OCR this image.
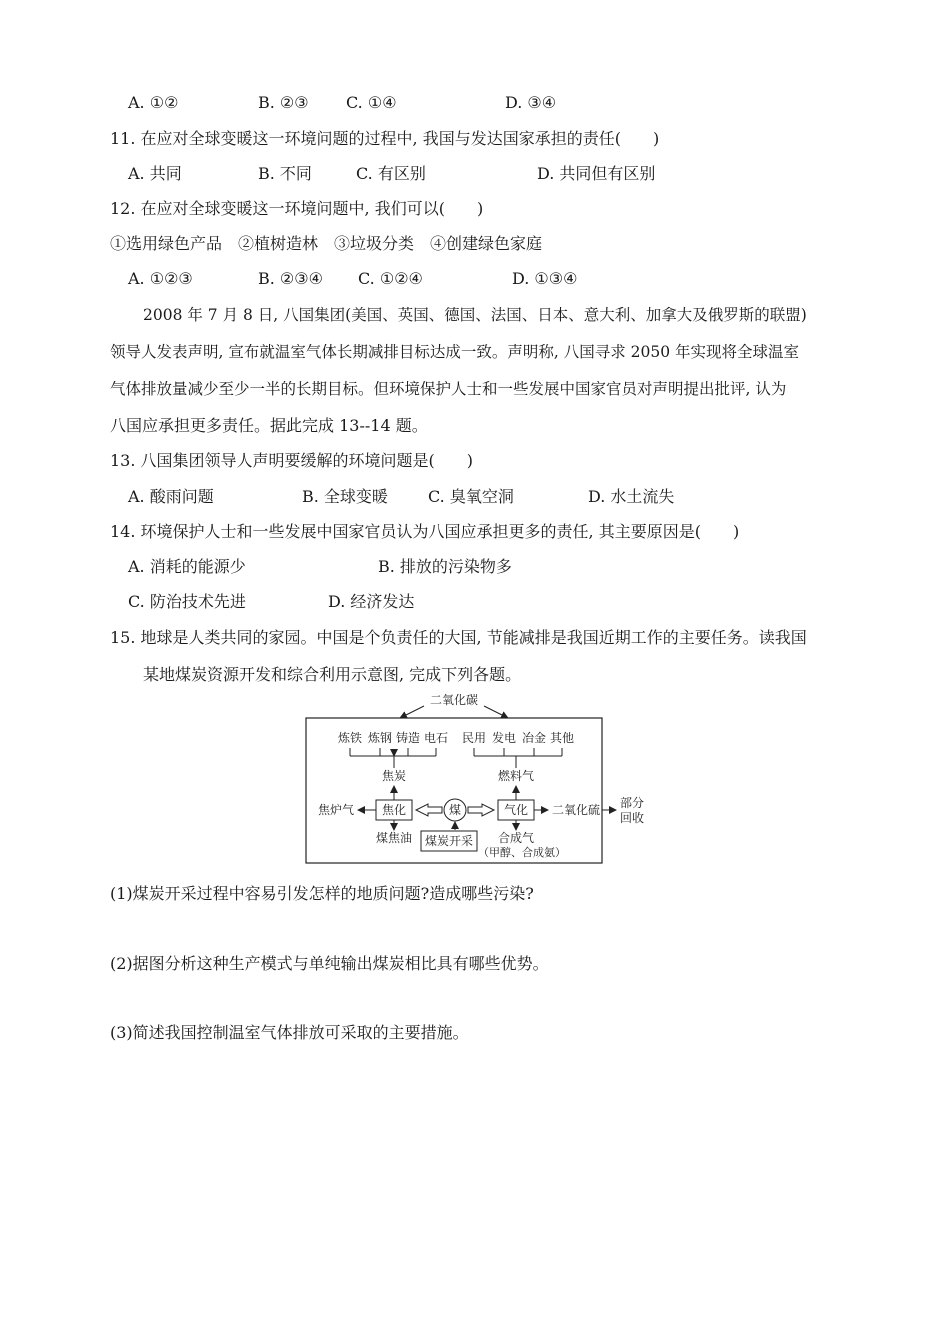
A. ①②	B. ②③ C. ①④	D. ③④
11. 在应对全球变暖这一环境问题的过程中, 我国与发达国家承担的责任(　　)
A. 共同	B. 不同	C. 有区别	D. 共同但有区别
12. 在应对全球变暖这一环境问题中, 我们可以(　　)
①选用绿色产品　②植树造林　③垃圾分类　④创建绿色家庭
A. ①②③	B. ②③④ C. ①②④	D. ①③④
2008 年 7 月 8 日, 八国集团(美国、英国、德国、法国、日本、意大利、加拿大及俄罗斯的联盟)
领导人发表声明, 宣布就温室气体长期减排目标达成一致。声明称, 八国寻求 2050 年实现将全球温室
气体排放量减少至少一半的长期目标。但环境保护人士和一些发展中国家官员对声明提出批评, 认为
八国应承担更多责任。据此完成 13--14 题。
13. 八国集团领导人声明要缓解的环境问题是(　　)
A. 酸雨问题	B. 全球变暖	C. 臭氧空洞	D. 水土流失
14. 环境保护人士和一些发展中国家官员认为八国应承担更多的责任, 其主要原因是(　　)
A. 消耗的能源少	B. 排放的污染物多
C. 防治技术先进	D. 经济发达
15. 地球是人类共同的家园。中国是个负责任的大国, 节能减排是我国近期工作的主要任务。读我国
某地煤炭资源开发和综合利用示意图, 完成下列各题。
二氧化碳
炼铁 炼钢 铸造 电石 民用 发电 冶金 其他
焦炭	燃料气
焦化	气化
煤
焦炉气	二氧化硫 部分
回收
煤焦油	合成气
（甲醇、合成氨）
煤炭开采
(1)煤炭开采过程中容易引发怎样的地质问题?造成哪些污染?
(2)据图分析这种生产模式与单纯输出煤炭相比具有哪些优势。
(3)简述我国控制温室气体排放可采取的主要措施。
